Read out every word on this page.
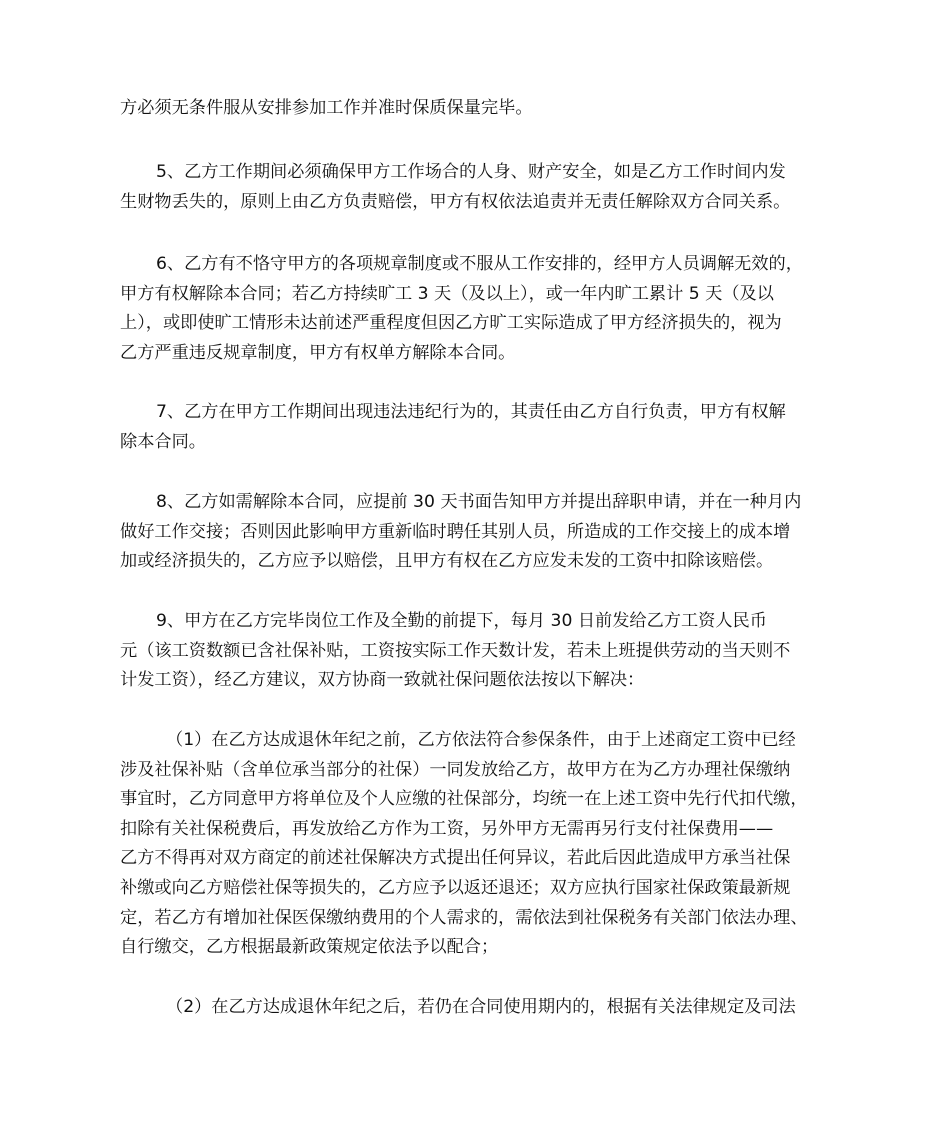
方必须无条件服从安排参加工作并准时保质保量完毕。

5、乙方工作期间必须确保甲方工作场合的人身、财产安全，如是乙方工作时间内发
生财物丢失的，原则上由乙方负责赔偿，甲方有权依法追责并无责任解除双方合同关系。

6、乙方有不恪守甲方的各项规章制度或不服从工作安排的，经甲方人员调解无效的，
甲方有权解除本合同；若乙方持续旷工 3 天（及以上），或一年内旷工累计 5 天（及以
上），或即使旷工情形未达前述严重程度但因乙方旷工实际造成了甲方经济损失的，视为
乙方严重违反规章制度，甲方有权单方解除本合同。

7、乙方在甲方工作期间出现违法违纪行为的，其责任由乙方自行负责，甲方有权解
除本合同。

8、乙方如需解除本合同，应提前 30 天书面告知甲方并提出辞职申请，并在一种月内
做好工作交接；否则因此影响甲方重新临时聘任其别人员，所造成的工作交接上的成本增
加或经济损失的，乙方应予以赔偿，且甲方有权在乙方应发未发的工资中扣除该赔偿。

9、甲方在乙方完毕岗位工作及全勤的前提下，每月 30 日前发给乙方工资人民币
元（该工资数额已含社保补贴，工资按实际工作天数计发，若未上班提供劳动的当天则不
计发工资），经乙方建议，双方协商一致就社保问题依法按以下解决：

（1）在乙方达成退休年纪之前，乙方依法符合参保条件，由于上述商定工资中已经
涉及社保补贴（含单位承当部分的社保）一同发放给乙方，故甲方在为乙方办理社保缴纳
事宜时，乙方同意甲方将单位及个人应缴的社保部分，均统一在上述工资中先行代扣代缴，
扣除有关社保税费后，再发放给乙方作为工资，另外甲方无需再另行支付社保费用——
乙方不得再对双方商定的前述社保解决方式提出任何异议，若此后因此造成甲方承当社保
补缴或向乙方赔偿社保等损失的，乙方应予以返还退还；双方应执行国家社保政策最新规
定，若乙方有增加社保医保缴纳费用的个人需求的，需依法到社保税务有关部门依法办理、
自行缴交，乙方根据最新政策规定依法予以配合；

（2）在乙方达成退休年纪之后，若仍在合同使用期内的，根据有关法律规定及司法
